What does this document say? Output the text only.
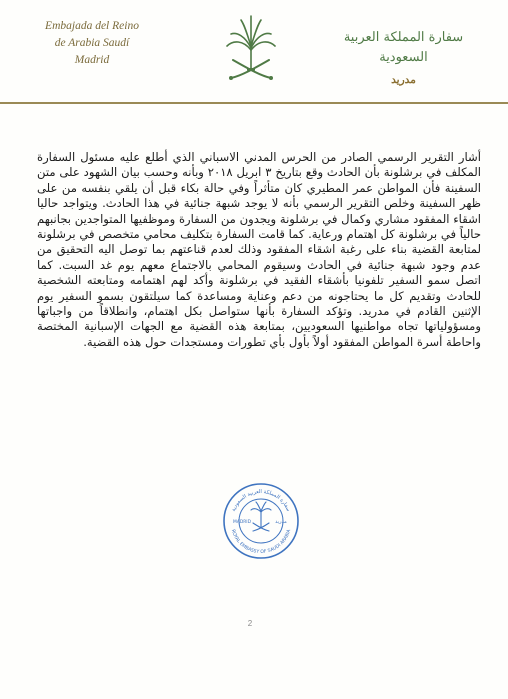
Embajada del Reino
de Arabia Saudí
Madrid
سفارة المملكة العربية السعودية
مدريد
أشار التقرير الرسمي الصادر من الحرس المدني الاسباني الذي أطلع عليه مسئول السفارة المكلف في برشلونة بأن الحادث وقع بتاريخ ٣ ابريل ٢٠١٨ وبأنه وحسب بيان الشهود على متن السفينة فأن المواطن عمر المطيري كان متأثراً وفي حالة بكاء قبل أن يلقي بنفسه من على ظهر السفينة وخلص التقرير الرسمي بأنه لا يوجد شبهة جنائية في هذا الحادث. ويتواجد حاليا اشقاء المفقود مشاري وكمال في برشلونة ويجدون من السفارة وموظفيها المتواجدين بجانبهم حالياً في برشلونة كل اهتمام ورعاية. كما قامت السفارة بتكليف محامي متخصص في برشلونة لمتابعة القضية بناء على رغبة اشقاء المفقود وذلك لعدم قناعتهم بما توصل اليه التحقيق من عدم وجود شبهة جنائية في الحادث وسيقوم المحامي بالاجتماع معهم يوم غد السبت. كما اتصل سمو السفير تلفونيا بأشقاء الفقيد في برشلونة وأكد لهم اهتمامه ومتابعته الشخصية للحادث وتقديم كل ما يحتاجونه من دعم وعناية ومساعدة كما سيلتقون بسمو السفير يوم الإثنين القادم في مدريد. وتؤكد السفارة بأنها ستواصل بكل اهتمام، وانطلاقاً من واجباتها ومسؤولياتها تجاه مواطنيها السعوديين، بمتابعة هذه القضية مع الجهات الإسبانية المختصة واحاطة أسرة المواطن المفقود أولاً بأول بأي تطورات ومستجدات حول هذه القضية.
سفارة المملكة العربية السعودية
ROYAL EMBASSY OF SAUDI ARABIA
MADRID	مدريد
2
